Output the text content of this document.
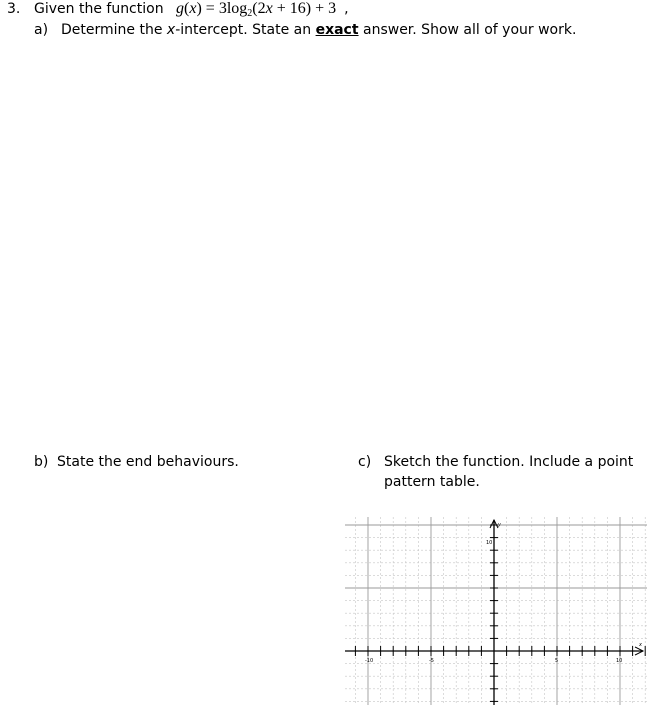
3. Given the function $g(x) = 3\log_2(2x + 16) + 3$ ,
a) Determine the x-intercept. State an exact answer. Show all of your work.
b) State the end behaviours.	c) Sketch the function. Include a point
pattern table.
x
y
-10	-5	5	10
10
